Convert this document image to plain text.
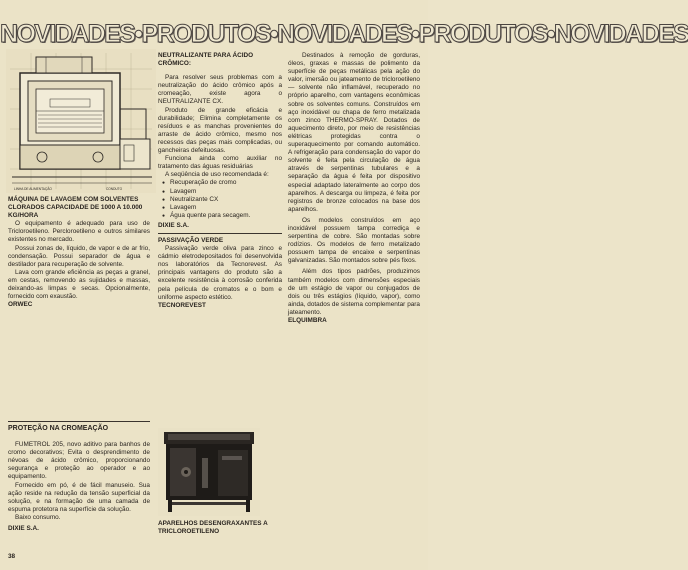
NOVIDADES•PRODUTOS•NOVIDADES•PRODUTOS•NOVIDADES
LINHA DE ALIMENTAÇÃO	CONDUTO

MÁQUINA DE LAVAGEM COM SOLVENTES CLORADOS CAPACIDADE DE 1000 A 10.000 KG/HORA

O equipamento é adequado para uso de Tricloroetileno. Percloroetileno e outros similares existentes no mercado.

Possui zonas de, líquido, de vapor e de ar frio, condensação. Possui separador de água e destilador para recuperação de solvente.

Lava com grande eficiência as peças a granel, em cestas, removendo as sujidades e massas, deixando-as limpas e secas. Opcionalmente, fornecido com exaustão.

ORWEC

PROTEÇÃO NA CROMEAÇÃO

FUMETROL 205, novo aditivo para banhos de cromo decorativos; Evita o desprendimento de névoas de ácido crômico, proporcionando segurança e proteção ao operador e ao equipamento.

Fornecido em pó, é de fácil manuseio. Sua ação reside na redução da tensão superficial da solução, e na formação de uma camada de espuma protetora na superfície da solução.

Baixo consumo.

DIXIE S.A.

38

NEUTRALIZANTE PARA ÁCIDO CRÔMICO:

Para resolver seus problemas com a neutralização do ácido crômico após a cromeação, existe agora o NEUTRALIZANTE CX.

Produto de grande eficácia e durabilidade; Elimina completamente os resíduos e as manchas provenientes do arraste de ácido crômico, mesmo nos recessos das peças mais complicadas, ou gancheiras defeituosas.

Funciona ainda como auxiliar no tratamento das águas residuárias

A seqüência de uso recomendada é:

● Recuperação de cromo
● Lavagem
● Neutralizante CX
● Lavagem
● Água quente para secagem.

DIXIE S.A.

PASSIVAÇÃO VERDE

Passivação verde oliva para zinco e cádmio eletrodepositados foi desenvolvida nos laboratórios da Tecnorevest. As principais vantagens do produto são a excelente resistência à corrosão conferida pela película de cromatos e o bom e uniforme aspecto estético.

TECNOREVEST

APARELHOS DESENGRAXANTES A TRICLOROETILENO

Destinados à remoção de gorduras, óleos, graxas e massas de polimento da superfície de peças metálicas pela ação do valor, imersão ou jateamento de tricloroetileno — solvente não inflamável, recuperado no próprio aparelho, com vantagens econômicas sobre os solventes comuns. Construídos em aço inoxidável ou chapa de ferro metalizada com zinco THERMO-SPRAY. Dotados de aquecimento direto, por meio de resistências elétricas protegidas contra o superaquecimento por comando automático. A refrigeração para condensação do vapor do solvente é feita pela circulação de água através de serpentinas tubulares e a separação da água é feita por dispositivo especial adaptado lateralmente ao corpo dos aparelhos. A descarga ou limpeza, é feita por registros de bronze colocados na base dos aparelhos.

Os modelos construídos em aço inoxidável possuem tampa corrediça e serpentina de cobre. São montadas sobre rodízios. Os modelos de ferro metalizado possuem tampa de encaixe e serpentinas galvanizadas. São montados sobre pés fixos.

Além dos tipos padrões, produzimos também modelos com dimensões especiais de um estágio de vapor ou conjugados de dois ou três estágios (líquido, vapor), como ainda, dotados de sistema complementar para jateamento.

ELQUIMBRA
